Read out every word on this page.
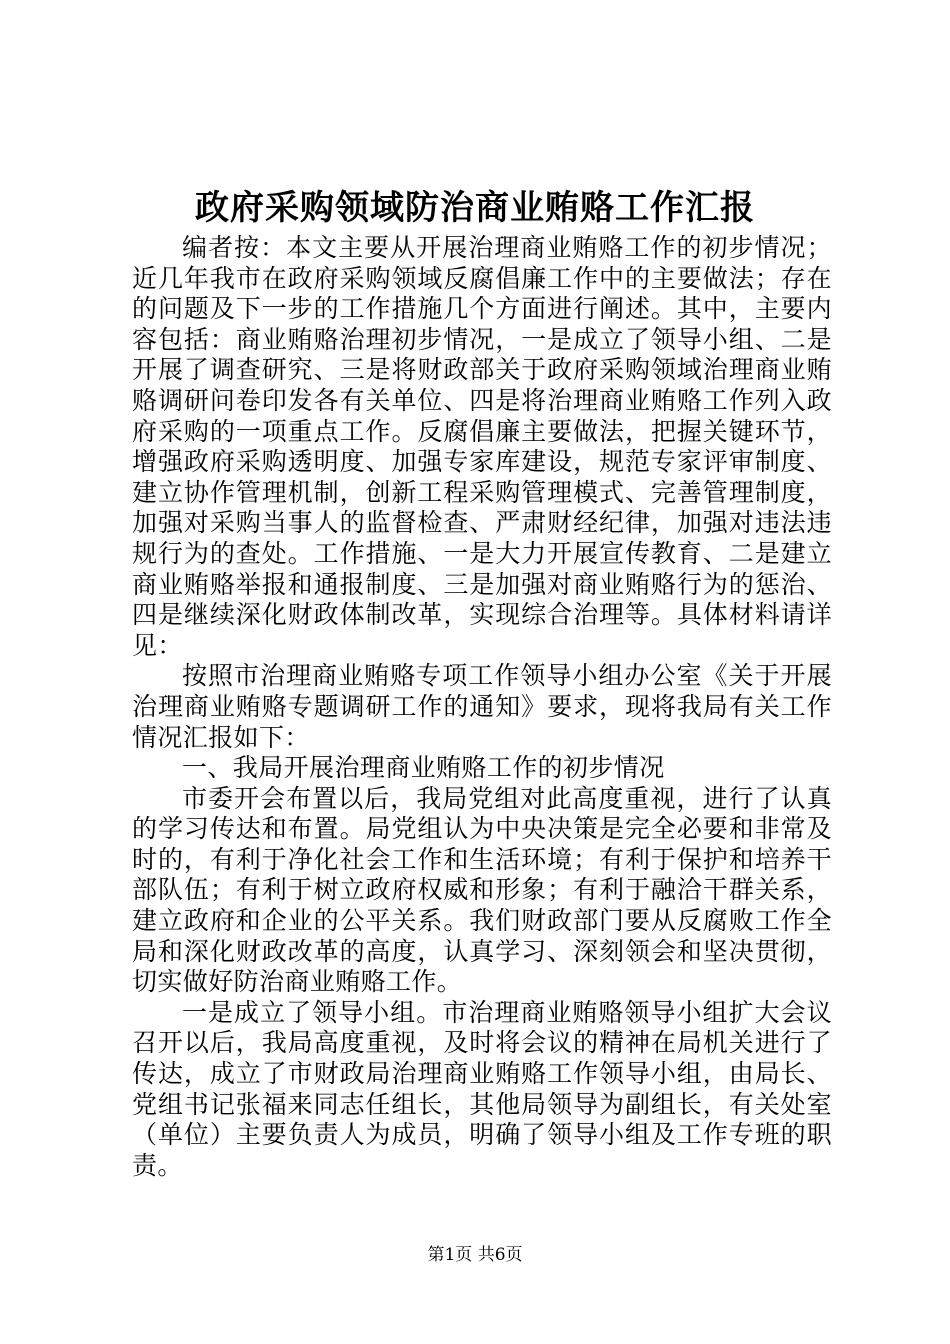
政府采购领域防治商业贿赂工作汇报

编者按：本文主要从开展治理商业贿赂工作的初步情况；近几年我市在政府采购领域反腐倡廉工作中的主要做法；存在的问题及下一步的工作措施几个方面进行阐述。其中，主要内容包括：商业贿赂治理初步情况，一是成立了领导小组、二是开展了调查研究、三是将财政部关于政府采购领域治理商业贿赂调研问卷印发各有关单位、四是将治理商业贿赂工作列入政府采购的一项重点工作。反腐倡廉主要做法，把握关键环节，增强政府采购透明度、加强专家库建设，规范专家评审制度、建立协作管理机制，创新工程采购管理模式、完善管理制度，加强对采购当事人的监督检查、严肃财经纪律，加强对违法违规行为的查处。工作措施、一是大力开展宣传教育、二是建立商业贿赂举报和通报制度、三是加强对商业贿赂行为的惩治、四是继续深化财政体制改革，实现综合治理等。具体材料请详见：

按照市治理商业贿赂专项工作领导小组办公室《关于开展治理商业贿赂专题调研工作的通知》要求，现将我局有关工作情况汇报如下：

一、我局开展治理商业贿赂工作的初步情况

市委开会布置以后，我局党组对此高度重视，进行了认真的学习传达和布置。局党组认为中央决策是完全必要和非常及时的，有利于净化社会工作和生活环境；有利于保护和培养干部队伍；有利于树立政府权威和形象；有利于融洽干群关系，建立政府和企业的公平关系。我们财政部门要从反腐败工作全局和深化财政改革的高度，认真学习、深刻领会和坚决贯彻，切实做好防治商业贿赂工作。

一是成立了领导小组。市治理商业贿赂领导小组扩大会议召开以后，我局高度重视，及时将会议的精神在局机关进行了传达，成立了市财政局治理商业贿赂工作领导小组，由局长、党组书记张福来同志任组长，其他局领导为副组长，有关处室（单位）主要负责人为成员，明确了领导小组及工作专班的职责。

第1页 共6页
